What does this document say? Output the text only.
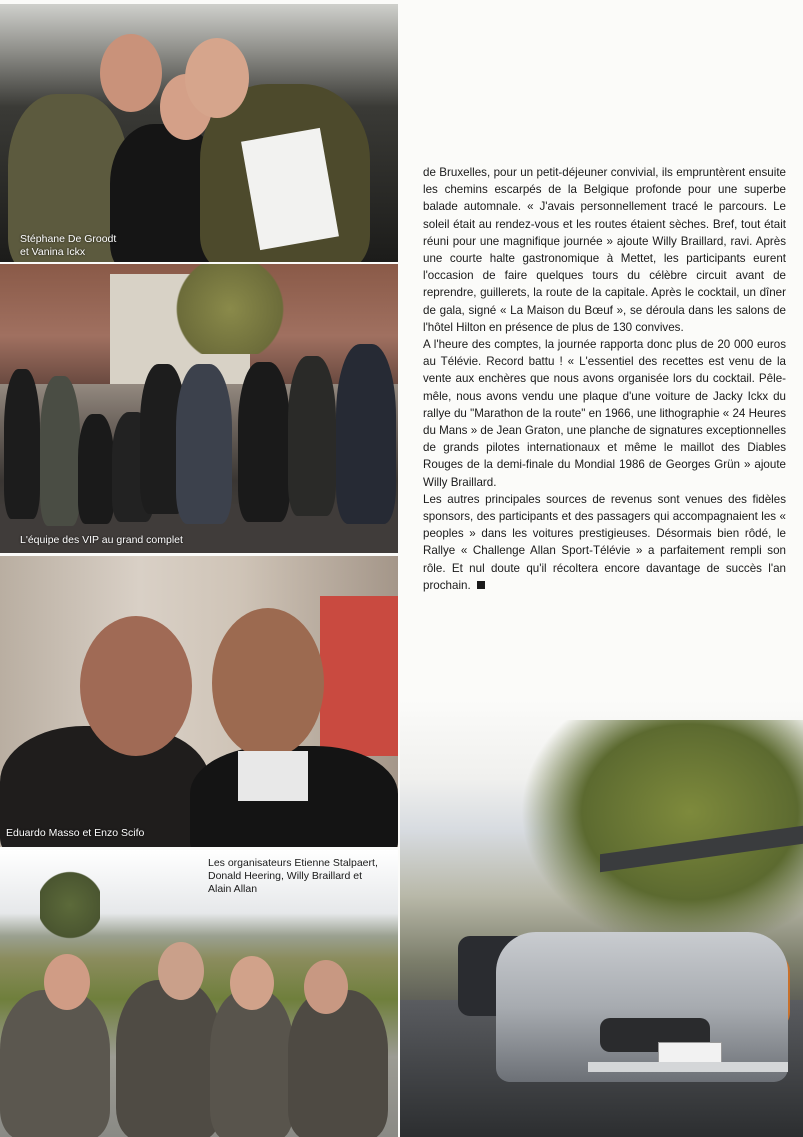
Stéphane De Groodt
et Vanina Ickx
L'équipe des VIP au grand complet
Eduardo Masso et Enzo Scifo
Les organisateurs Etienne Stalpaert,
Donald Heering, Willy Braillard et
Alain Allan

de Bruxelles, pour un petit-déjeuner convivial, ils empruntèrent ensuite les chemins escarpés de la Belgique profonde pour une superbe balade automnale. « J'avais personnellement tracé le parcours. Le soleil était au rendez-vous et les routes étaient sèches. Bref, tout était réuni pour une magnifique journée » ajoute Willy Braillard, ravi. Après une courte halte gastronomique à Mettet, les participants eurent l'occasion de faire quelques tours du célèbre circuit avant de reprendre, guillerets, la route de la capitale. Après le cocktail, un dîner de gala, signé « La Maison du Bœuf », se déroula dans les salons de l'hôtel Hilton en présence de plus de 130 convives.

A l'heure des comptes, la journée rapporta donc plus de 20 000 euros au Télévie. Record battu ! « L'essentiel des recettes est venu de la vente aux enchères que nous avons organisée lors du cocktail. Pêle-mêle, nous avons vendu une plaque d'une voiture de Jacky Ickx du rallye du "Marathon de la route" en 1966, une lithographie « 24 Heures du Mans » de Jean Graton, une planche de signatures exceptionnelles de grands pilotes internationaux et même le maillot des Diables Rouges de la demi-finale du Mondial 1986 de Georges Grün » ajoute Willy Braillard.

Les autres principales sources de revenus sont venues des fidèles sponsors, des participants et des passagers qui accompagnaient les « peoples » dans les voitures prestigieuses. Désormais bien rôdé, le Rallye « Challenge Allan Sport-Télévie » a parfaitement rempli son rôle. Et nul doute qu'il récoltera encore davantage de succès l'an prochain.
